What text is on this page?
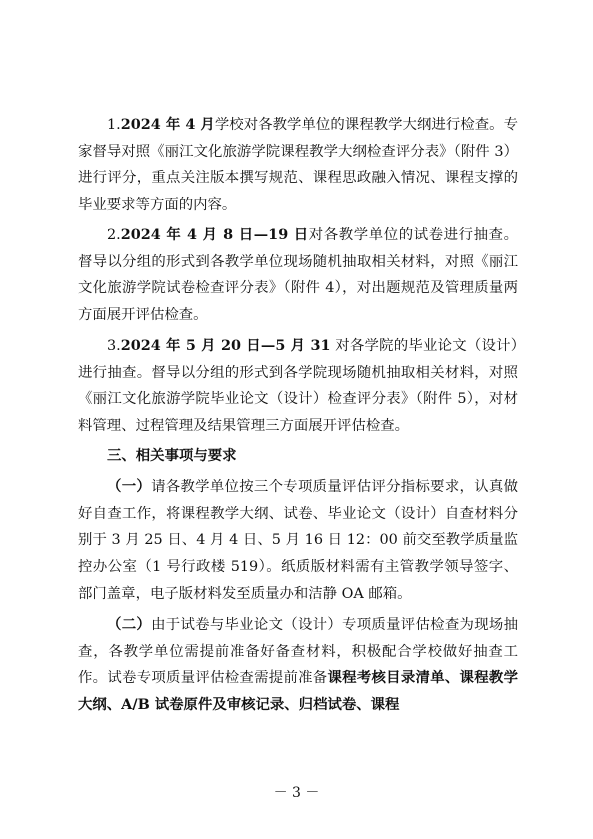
1.2024 年 4 月学校对各教学单位的课程教学大纲进行检查。专家督导对照《丽江文化旅游学院课程教学大纲检查评分表》（附件 3）进行评分，重点关注版本撰写规范、课程思政融入情况、课程支撑的毕业要求等方面的内容。

2.2024 年 4 月 8 日—19 日对各教学单位的试卷进行抽查。督导以分组的形式到各教学单位现场随机抽取相关材料，对照《丽江文化旅游学院试卷检查评分表》（附件 4），对出题规范及管理质量两方面展开评估检查。

3.2024 年 5 月 20 日—5 月 31 对各学院的毕业论文（设计）进行抽查。督导以分组的形式到各学院现场随机抽取相关材料，对照《丽江文化旅游学院毕业论文（设计）检查评分表》（附件 5），对材料管理、过程管理及结果管理三方面展开评估检查。

三、相关事项与要求

（一）请各教学单位按三个专项质量评估评分指标要求，认真做好自查工作，将课程教学大纲、试卷、毕业论文（设计）自查材料分别于 3 月 25 日、4 月 4 日、5 月 16 日 12：00 前交至教学质量监控办公室（1 号行政楼 519）。纸质版材料需有主管教学领导签字、部门盖章，电子版材料发至质量办和洁静 OA 邮箱。

（二）由于试卷与毕业论文（设计）专项质量评估检查为现场抽查，各教学单位需提前准备好备查材料，积极配合学校做好抽查工作。试卷专项质量评估检查需提前准备课程考核目录清单、课程教学大纲、A/B 试卷原件及审核记录、归档试卷、课程

－ 3 －
